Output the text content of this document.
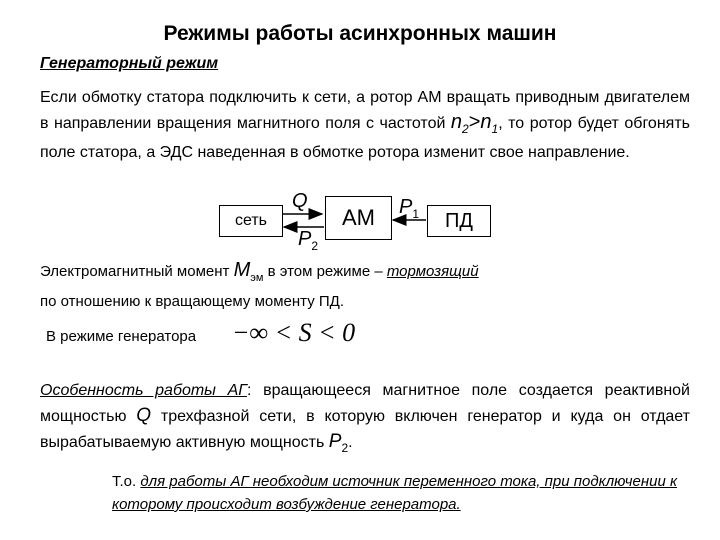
Режимы работы асинхронных машин
Генераторный режим
Если обмотку статора подключить к сети, а ротор АМ вращать приводным двигателем в направлении вращения магнитного поля с частотой $n_2>n_1$, то ротор будет обгонять поле статора, а ЭДС наведенная в обмотке ротора изменит свое направление.
сеть	АМ	ПД
Q	$P_1$
$P_2$
Электромагнитный момент $M_{эм}$ в этом режиме – тормозящий
по отношению к вращающему моменту ПД.
В режиме генератора −∞ < S < 0
Особенность работы АГ: вращающееся магнитное поле создается реактивной мощностью Q трехфазной сети, в которую включен генератор и куда он отдает вырабатываемую активную мощность $P_2$.
Т.о. для работы АГ необходим источник переменного тока, при подключении к которому происходит возбуждение генератора.
